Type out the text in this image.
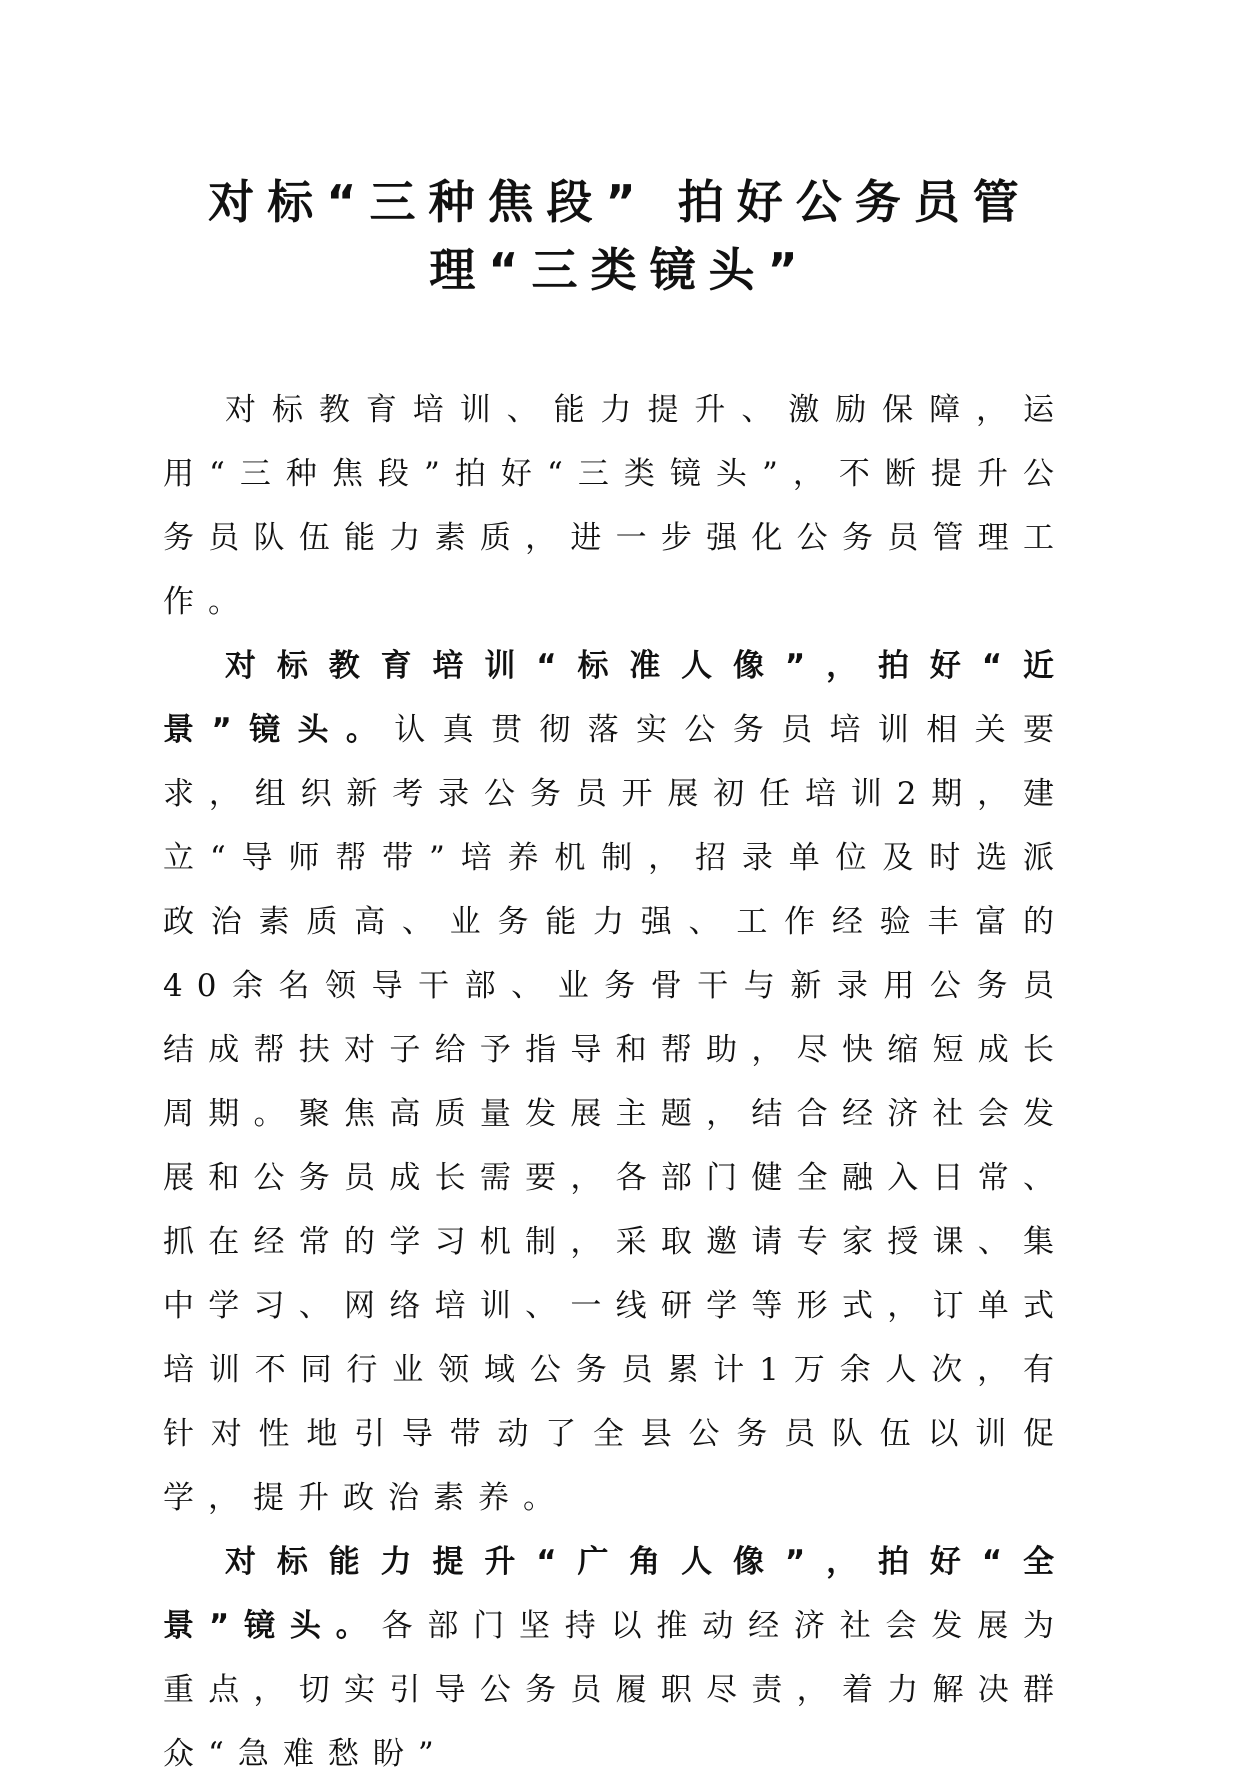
对标“三种焦段” 拍好公务员管
理“三类镜头”

对标教育培训、能力提升、激励保障，运用“三种焦段”拍好“三类镜头”，不断提升公务员队伍能力素质，进一步强化公务员管理工作。

对标教育培训“标准人像”，拍好“近景”镜头。认真贯彻落实公务员培训相关要求，组织新考录公务员开展初任培训2期，建立“导师帮带”培养机制，招录单位及时选派政治素质高、业务能力强、工作经验丰富的40余名领导干部、业务骨干与新录用公务员结成帮扶对子给予指导和帮助，尽快缩短成长周期。聚焦高质量发展主题，结合经济社会发展和公务员成长需要，各部门健全融入日常、抓在经常的学习机制，采取邀请专家授课、集中学习、网络培训、一线研学等形式，订单式培训不同行业领域公务员累计1万余人次，有针对性地引导带动了全县公务员队伍以训促学，提升政治素养。

对标能力提升“广角人像”，拍好“全景”镜头。各部门坚持以推动经济社会发展为重点，切实引导公务员履职尽责，着力解决群众“急难愁盼”
